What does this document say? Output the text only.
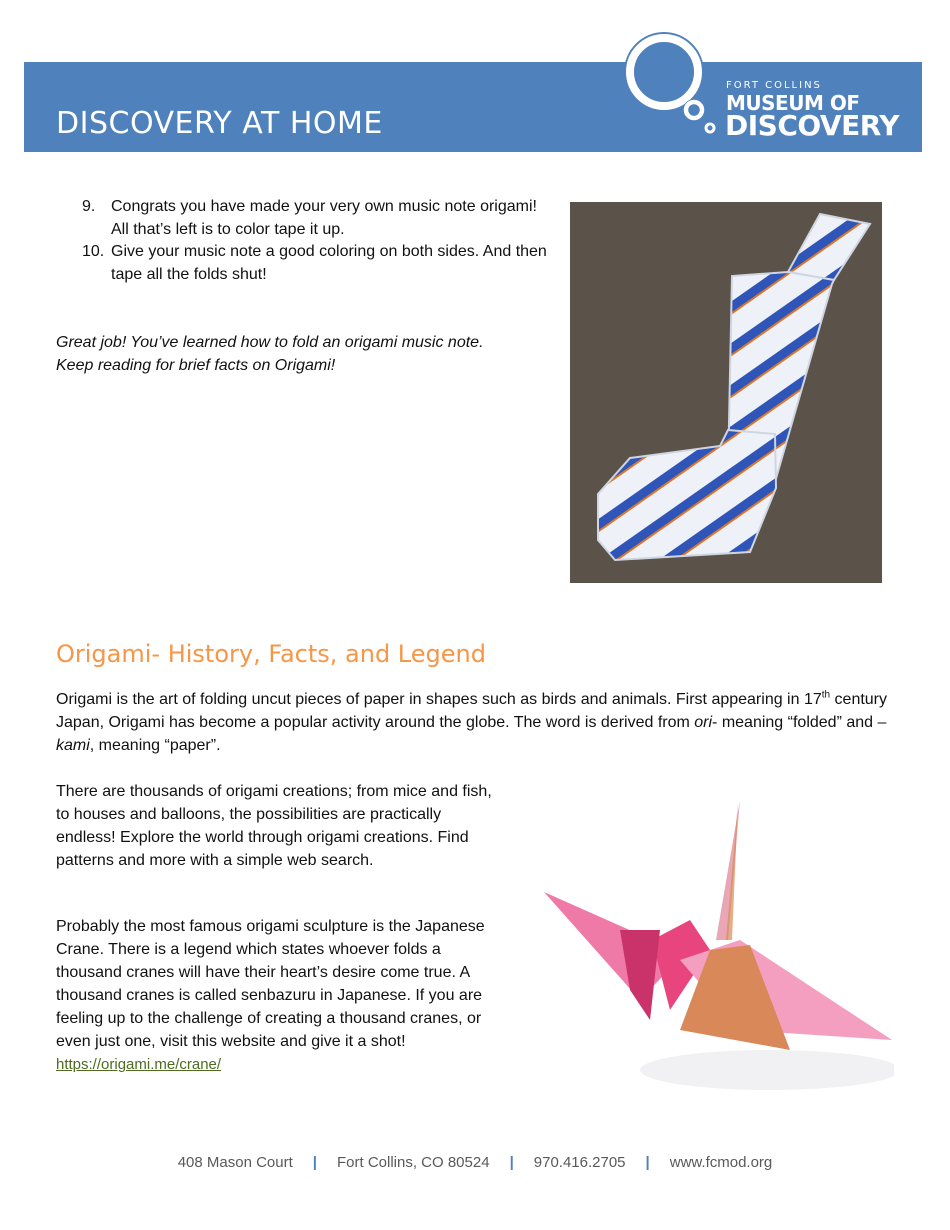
DISCOVERY AT HOME
FORT COLLINS
MUSEUM OF
DISCOVERY
9. Congrats you have made your very own music note origami! All that’s left is to color tape it up.
10. Give your music note a good coloring on both sides. And then tape all the folds shut!
Great job! You’ve learned how to fold an origami music note.
Keep reading for brief facts on Origami!
Origami- History, Facts, and Legend
Origami is the art of folding uncut pieces of paper in shapes such as birds and animals. First appearing in 17th century Japan, Origami has become a popular activity around the globe. The word is derived from ori- meaning “folded” and –kami, meaning “paper”.
There are thousands of origami creations; from mice and fish, to houses and balloons, the possibilities are practically endless! Explore the world through origami creations. Find patterns and more with a simple web search.
Probably the most famous origami sculpture is the Japanese Crane. There is a legend which states whoever folds a thousand cranes will have their heart’s desire come true. A thousand cranes is called senbazuru in Japanese. If you are feeling up to the challenge of creating a thousand cranes, or even just one, visit this website and give it a shot! https://origami.me/crane/
408 Mason Court | Fort Collins, CO 80524 | 970.416.2705 | www.fcmod.org
